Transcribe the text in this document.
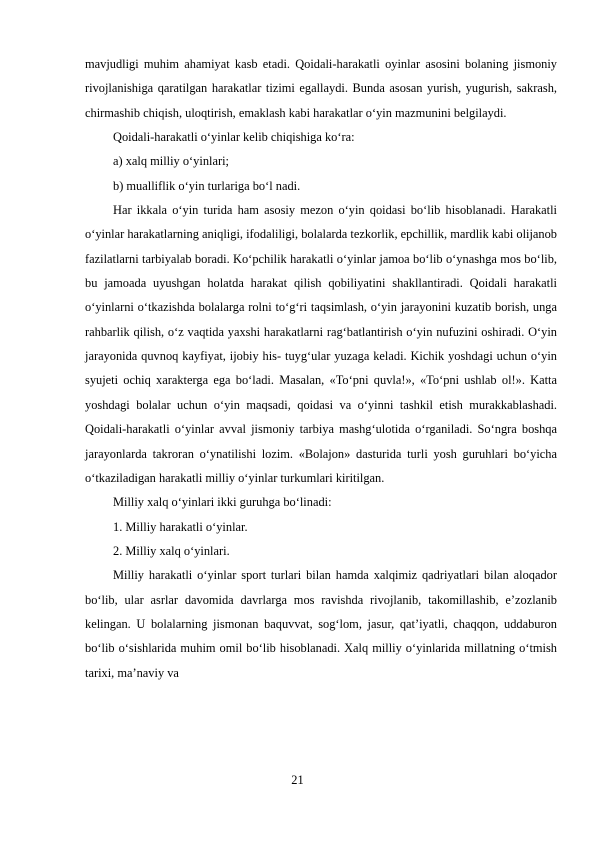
mavjudligi muhim ahamiyat kasb etadi. Qoidali-harakatli oyinlar asosini bolaning jismoniy rivojlanishiga qaratilgan harakatlar tizimi egallaydi. Bunda asosan yurish, yugurish, sakrash, chirmashib chiqish, uloqtirish, emaklash kabi harakatlar o‘yin mazmunini belgilaydi.

Qoidali-harakatli o‘yinlar kelib chiqishiga ko‘ra:

a) xalq milliy o‘yinlari;

b) mualliflik o‘yin turlariga bo‘l nadi.

Har ikkala o‘yin turida ham asosiy mezon o‘yin qoidasi bo‘lib hisoblanadi. Harakatli o‘yinlar harakatlarning aniqligi, ifodaliligi, bolalarda tezkorlik, epchillik, mardlik kabi olijanob fazilatlarni tarbiyalab boradi. Ko‘pchilik harakatli o‘yinlar jamoa bo‘lib o‘ynashga mos bo‘lib, bu jamoada uyushgan holatda harakat qilish qobiliyatini shakllantiradi. Qoidali harakatli o‘yinlarni o‘tkazishda bolalarga rolni to‘g‘ri taqsimlash, o‘yin jarayonini kuzatib borish, unga rahbarlik qilish, o‘z vaqtida yaxshi harakatlarni rag‘batlantirish o‘yin nufuzini oshiradi. O‘yin jarayonida quvnoq kayfiyat, ijobiy his- tuyg‘ular yuzaga keladi. Kichik yoshdagi uchun o‘yin syujeti ochiq xarakterga ega bo‘ladi. Masalan, «To‘pni quvla!», «To‘pni ushlab ol!». Katta yoshdagi bolalar uchun o‘yin maqsadi, qoidasi va o‘yinni tashkil etish murakkablashadi. Qoidali-harakatli o‘yinlar avval jismoniy tarbiya mashg‘ulotida o‘rganiladi. So‘ngra boshqa jarayonlarda takroran o‘ynatilishi lozim. «Bolajon» dasturida turli yosh guruhlari bo‘yicha o‘tkaziladigan harakatli milliy o‘yinlar turkumlari kiritilgan.

Milliy xalq o‘yinlari ikki guruhga bo‘linadi:

1. Milliy harakatli o‘yinlar.

2. Milliy xalq o‘yinlari.

Milliy harakatli o‘yinlar sport turlari bilan hamda xalqimiz qadriyatlari bilan aloqador bo‘lib, ular asrlar davomida davrlarga mos ravishda rivojlanib, takomillashib, e’zozlanib kelingan. U bolalarning jismonan baquvvat, sog‘lom, jasur, qat’iyatli, chaqqon, uddaburon bo‘lib o‘sishlarida muhim omil bo‘lib hisoblanadi. Xalq milliy o‘yinlarida millatning o‘tmish tarixi, ma’naviy va

21
